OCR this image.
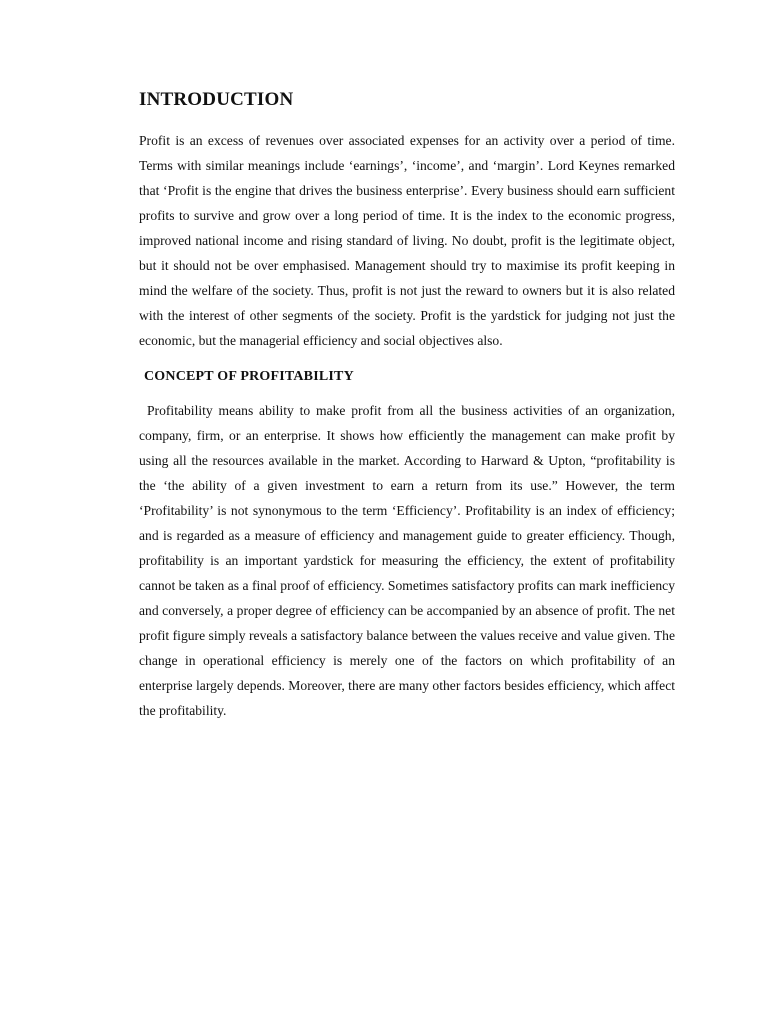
INTRODUCTION

Profit is an excess of revenues over associated expenses for an activity over a period of time. Terms with similar meanings include ‘earnings’, ‘income’, and ‘margin’. Lord Keynes remarked that ‘Profit is the engine that drives the business enterprise’. Every business should earn sufficient profits to survive and grow over a long period of time. It is the index to the economic progress, improved national income and rising standard of living. No doubt, profit is the legitimate object, but it should not be over emphasised. Management should try to maximise its profit keeping in mind the welfare of the society. Thus, profit is not just the reward to owners but it is also related with the interest of other segments of the society. Profit is the yardstick for judging not just the economic, but the managerial efficiency and social objectives also.

CONCEPT OF PROFITABILITY

Profitability means ability to make profit from all the business activities of an organization, company, firm, or an enterprise. It shows how efficiently the management can make profit by using all the resources available in the market. According to Harward & Upton, “profitability is the ‘the ability of a given investment to earn a return from its use.” However, the term ‘Profitability’ is not synonymous to the term ‘Efficiency’. Profitability is an index of efficiency; and is regarded as a measure of efficiency and management guide to greater efficiency. Though, profitability is an important yardstick for measuring the efficiency, the extent of profitability cannot be taken as a final proof of efficiency. Sometimes satisfactory profits can mark inefficiency and conversely, a proper degree of efficiency can be accompanied by an absence of profit. The net profit figure simply reveals a satisfactory balance between the values receive and value given. The change in operational efficiency is merely one of the factors on which profitability of an enterprise largely depends. Moreover, there are many other factors besides efficiency, which affect the profitability.
